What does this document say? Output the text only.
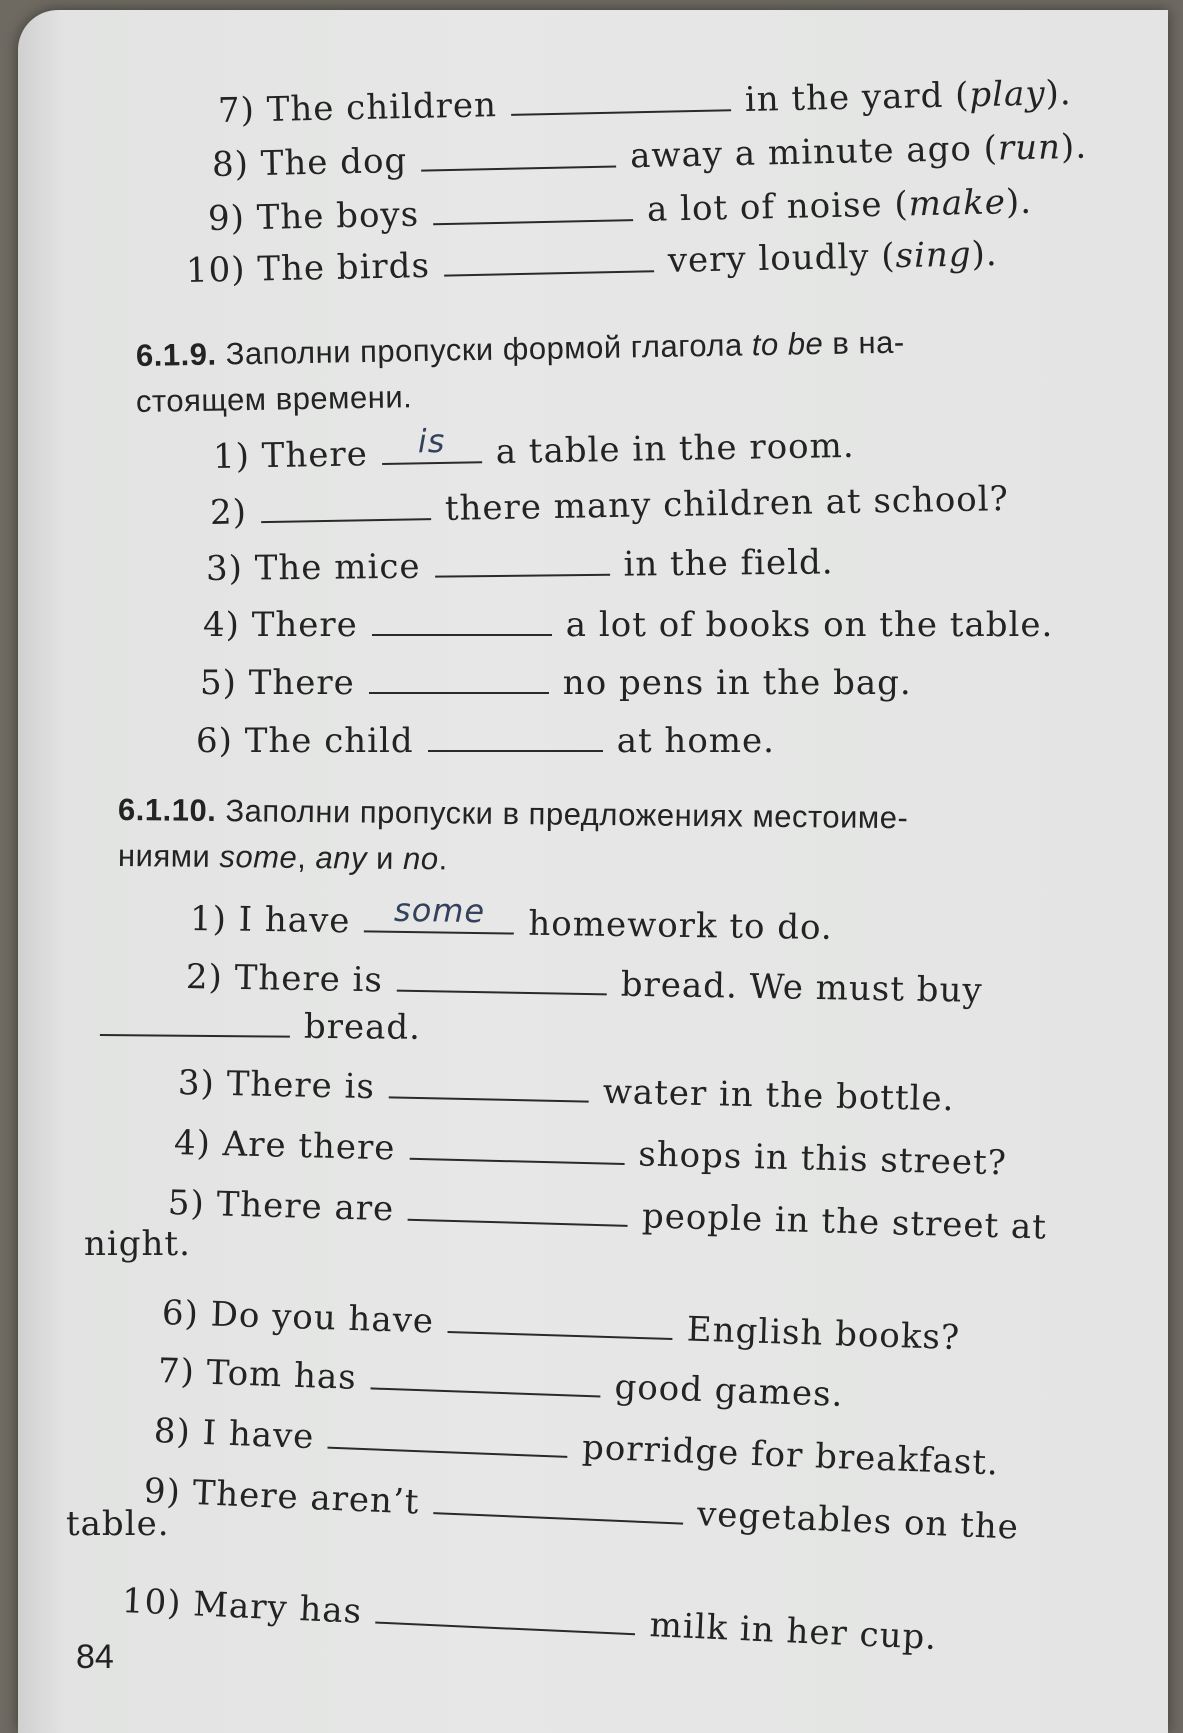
7) The children	in the yard (play).
8) The dog	away a minute ago (run).
9) The boys	a lot of noise (make).
10) The birds	very loudly (sing).
6.1.9. Заполни пропуски формой глагола to be в на-
стоящем времени.
1) There	is	a table in the room.
2)	there many children at school?
3) The mice	in the field.
4) There	a lot of books on the table.
5) There	no pens in the bag.
6) The child	at home.
6.1.10. Заполни пропуски в предложениях местоиме-
ниями some, any и no.
1) I have	some	homework to do.
2) There is	bread. We must buy
bread.
3) There is	water in the bottle.
4) Are there	shops in this street?
5) There are	people in the street at
night.
6) Do you have	English books?
7) Tom has	good games.
8) I have	porridge for breakfast.
9) There aren’t	vegetables on the
table.
10) Mary has	milk in her cup.
84
